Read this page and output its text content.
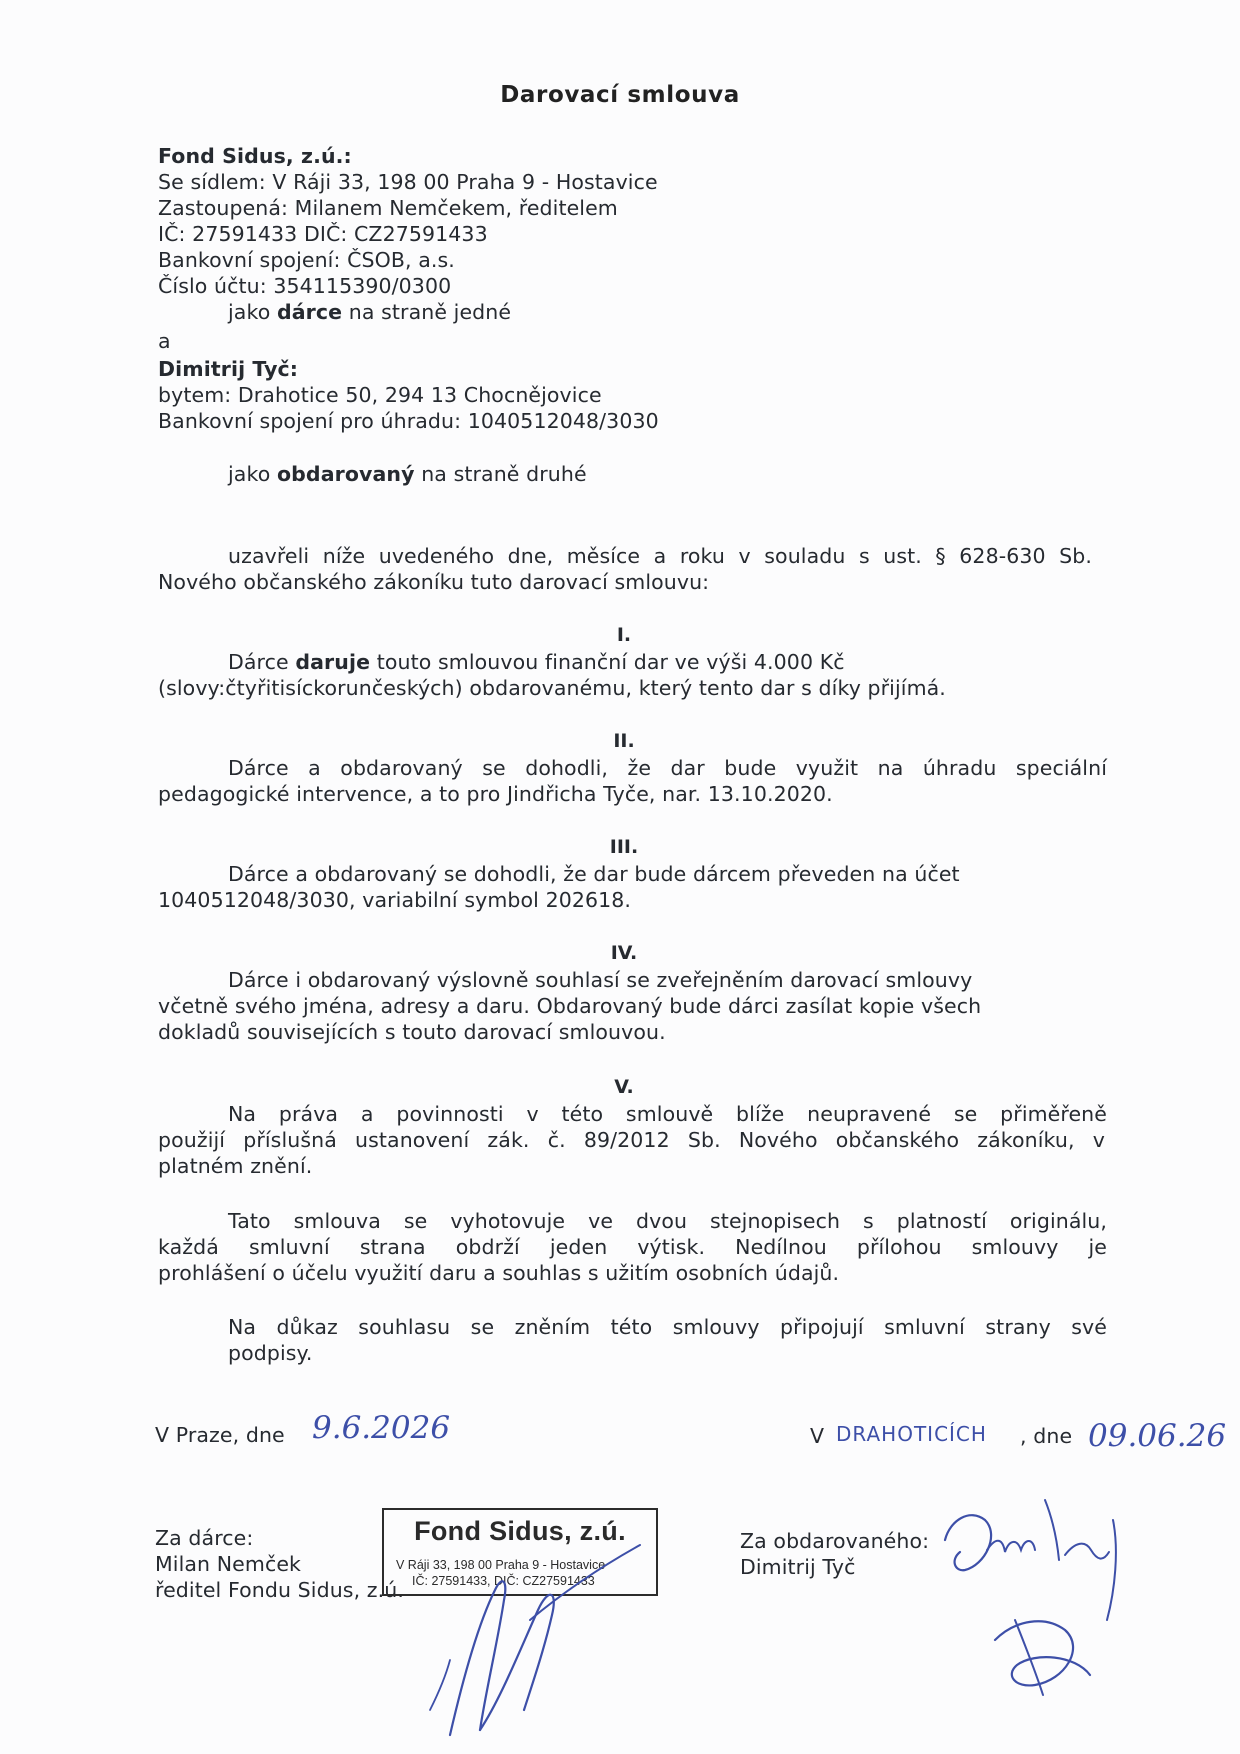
Darovací smlouva
Fond Sidus, z.ú.:
Se sídlem: V Ráji 33, 198 00 Praha 9 - Hostavice
Zastoupená: Milanem Nemčekem, ředitelem
IČ: 27591433 DIČ: CZ27591433
Bankovní spojení: ČSOB, a.s.
Číslo účtu: 354115390/0300
jako dárce na straně jedné
a
Dimitrij Tyč:
bytem: Drahotice 50, 294 13 Chocnějovice
Bankovní spojení pro úhradu: 1040512048/3030
jako obdarovaný na straně druhé
uzavřeli níže uvedeného dne, měsíce a roku v souladu s ust. § 628-630 Sb.
Nového občanského zákoníku tuto darovací smlouvu:
I.
Dárce daruje touto smlouvou finanční dar ve výši 4.000 Kč
(slovy:čtyřitisíckorunčeských) obdarovanému, který tento dar s díky přijímá.
II.
Dárce a obdarovaný se dohodli, že dar bude využit na úhradu speciální
pedagogické intervence, a to pro Jindřicha Tyče, nar. 13.10.2020.
III.
Dárce a obdarovaný se dohodli, že dar bude dárcem převeden na účet
1040512048/3030, variabilní symbol 202618.
IV.
Dárce i obdarovaný výslovně souhlasí se zveřejněním darovací smlouvy
včetně svého jména, adresy a daru. Obdarovaný bude dárci zasílat kopie všech
dokladů souvisejících s touto darovací smlouvou.
V.
Na práva a povinnosti v této smlouvě blíže neupravené se přiměřeně
použijí příslušná ustanovení zák. č. 89/2012 Sb. Nového občanského zákoníku, v
platném znění.
Tato smlouva se vyhotovuje ve dvou stejnopisech s platností originálu,
každá smluvní strana obdrží jeden výtisk. Nedílnou přílohou smlouvy je
prohlášení o účelu využití daru a souhlas s užitím osobních údajů.
Na důkaz souhlasu se zněním této smlouvy připojují smluvní strany své
podpisy.
V Praze, dne 9.6.2026	V DRAHOTICÍCH , dne 09.06.26
Za dárce:
Milan Nemček
ředitel Fondu Sidus, z.ú.
Za obdarovaného:
Dimitrij Tyč
Fond Sidus, z.ú.
V Ráji 33, 198 00 Praha 9 - Hostavice
IČ: 27591433, DIČ: CZ27591433
